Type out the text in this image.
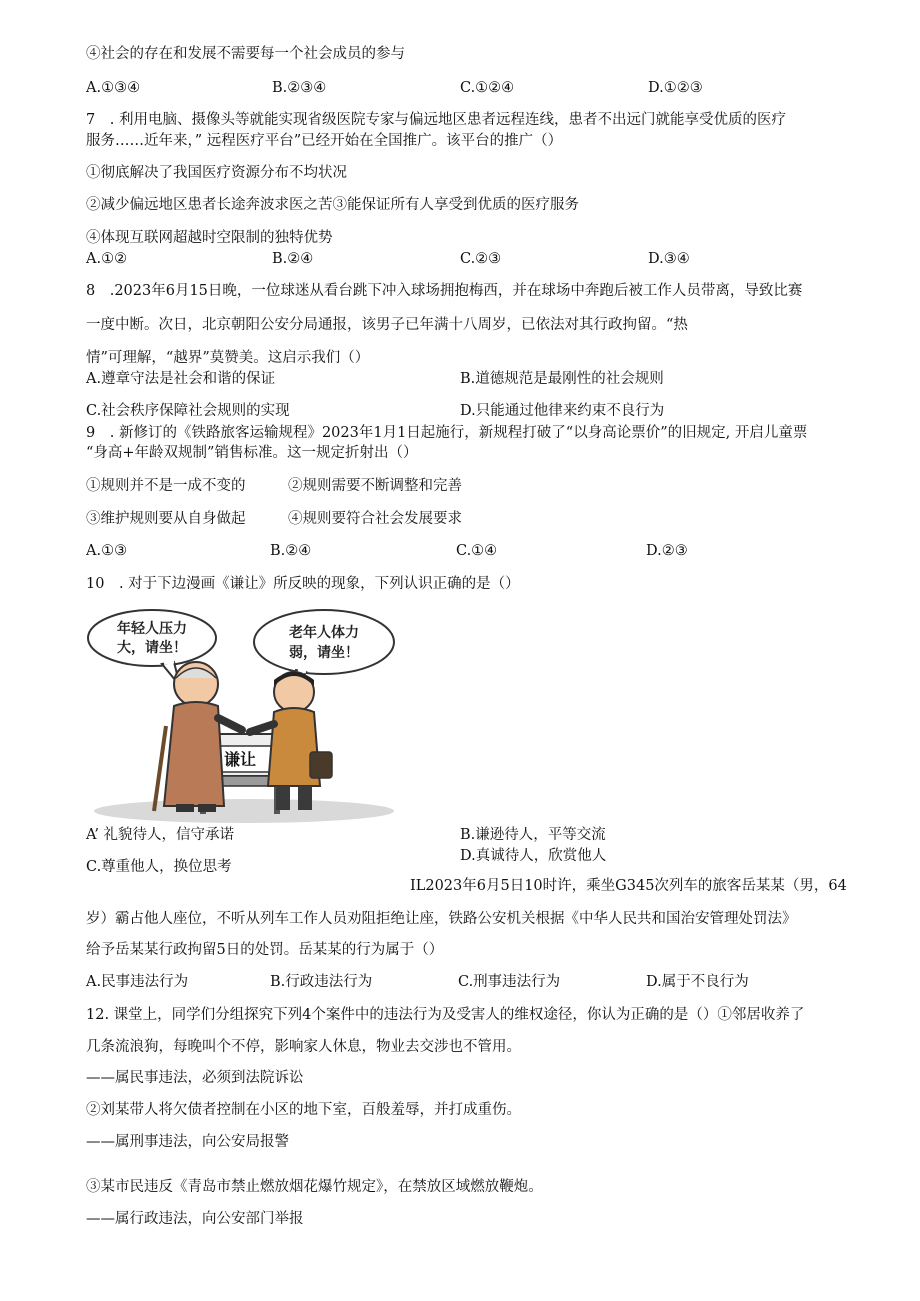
④社会的存在和发展不需要每一个社会成员的参与
A.①③④	B.②③④	C.①②④	D.①②③
7　. 利用电脑、摄像头等就能实现省级医院专家与偏远地区患者远程连线，患者不出远门就能享受优质的医疗
服务……近年来，” 远程医疗平台”已经开始在全国推广。该平台的推广（）
①彻底解决了我国医疗资源分布不均状况
②减少偏远地区患者长途奔波求医之苦③能保证所有人享受到优质的医疗服务
④体现互联网超越时空限制的独特优势
A.①②	B.②④	C.②③	D.③④
8　.2023年6月15日晚，一位球迷从看台跳下冲入球场拥抱梅西，并在球场中奔跑后被工作人员带离，导致比赛
一度中断。次日，北京朝阳公安分局通报，该男子已年满十八周岁，已依法对其行政拘留。“热
情”可理解，“越界”莫赞美。这启示我们（）
A.遵章守法是社会和谐的保证	B.道德规范是最刚性的社会规则
C.社会秩序保障社会规则的实现	D.只能通过他律来约束不良行为
9　. 新修订的《铁路旅客运输规程》2023年1月1日起施行，新规程打破了“以身高论票价”的旧规定, 开启儿童票
“身高+年龄双规制”销售标准。这一规定折射出（）
①规则并不是一成不变的	②规则需要不断调整和完善
③维护规则要从自身做起	④规则要符合社会发展要求
A.①③	B.②④	C.①④	D.②③
10　. 对于下边漫画《谦让》所反映的现象，下列认识正确的是（）
年轻人压力
大，请坐！
老年人体力
弱，请坐！
谦让
A’ 礼貌待人，信守承诺	B.谦逊待人，平等交流
D.真诚待人，欣赏他人
C.尊重他人，换位思考
IL2023年6月5日10时许，乘坐G345次列车的旅客岳某某（男，64
岁）霸占他人座位，不听从列车工作人员劝阻拒绝让座，铁路公安机关根据《中华人民共和国治安管理处罚法》
给予岳某某行政拘留5日的处罚。岳某某的行为属于（）
A.民事违法行为	B.行政违法行为	C.刑事违法行为	D.属于不良行为
12. 课堂上，同学们分组探究下列4个案件中的违法行为及受害人的维权途径，你认为正确的是（）①邻居收养了
几条流浪狗，每晚叫个不停，影响家人休息，物业去交涉也不管用。
——属民事违法，必须到法院诉讼
②刘某带人将欠债者控制在小区的地下室，百般羞辱，并打成重伤。
——属刑事违法，向公安局报警
③某市民违反《青岛市禁止燃放烟花爆竹规定》，在禁放区域燃放鞭炮。
——属行政违法，向公安部门举报
